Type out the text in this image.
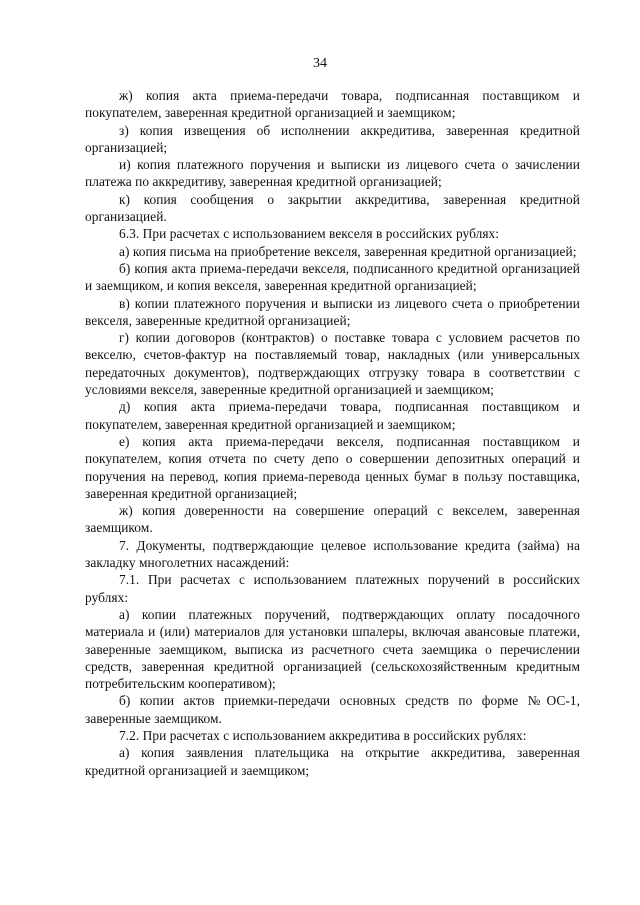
34

ж) копия акта приема-передачи товара, подписанная поставщиком и покупателем, заверенная кредитной организацией и заемщиком;

з) копия извещения об исполнении аккредитива, заверенная кредитной организацией;

и) копия платежного поручения и выписки из лицевого счета о зачислении платежа по аккредитиву, заверенная кредитной организацией;

к) копия сообщения о закрытии аккредитива, заверенная кредитной организацией.

6.3. При расчетах с использованием векселя в российских рублях:

а) копия письма на приобретение векселя, заверенная кредитной организацией;

б) копия акта приема-передачи векселя, подписанного кредитной организацией и заемщиком, и копия векселя, заверенная кредитной организацией;

в) копии платежного поручения и выписки из лицевого счета о приобретении векселя, заверенные кредитной организацией;

г) копии договоров (контрактов) о поставке товара с условием расчетов по векселю, счетов-фактур на поставляемый товар, накладных (или универсальных передаточных документов), подтверждающих отгрузку товара в соответствии с условиями векселя, заверенные кредитной организацией и заемщиком;

д) копия акта приема-передачи товара, подписанная поставщиком и покупателем, заверенная кредитной организацией и заемщиком;

е) копия акта приема-передачи векселя, подписанная поставщиком и покупателем, копия отчета по счету депо о совершении депозитных операций и поручения на перевод, копия приема-перевода ценных бумаг в пользу поставщика, заверенная кредитной организацией;

ж) копия доверенности на совершение операций с векселем, заверенная заемщиком.

7. Документы, подтверждающие целевое использование кредита (займа) на закладку многолетних насаждений:

7.1. При расчетах с использованием платежных поручений в российских рублях:

а) копии платежных поручений, подтверждающих оплату посадочного материала и (или) материалов для установки шпалеры, включая авансовые платежи, заверенные заемщиком, выписка из расчетного счета заемщика о перечислении средств, заверенная кредитной организацией (сельскохозяйственным кредитным потребительским кооперативом);

б) копии актов приемки-передачи основных средств по форме №ОС-1, заверенные заемщиком.

7.2. При расчетах с использованием аккредитива в российских рублях:

а) копия заявления плательщика на открытие аккредитива, заверенная кредитной организацией и заемщиком;
